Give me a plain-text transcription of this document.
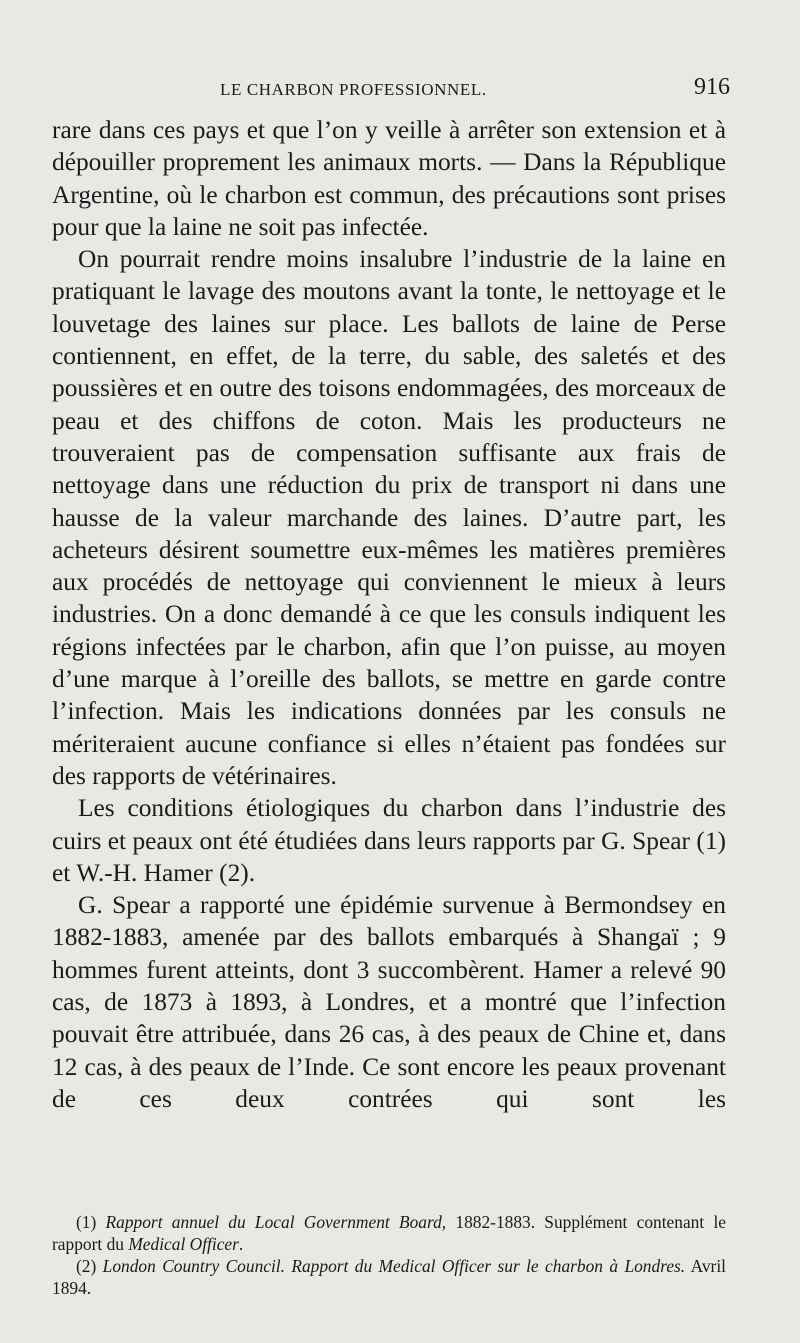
LE CHARBON PROFESSIONNEL.	916

rare dans ces pays et que l’on y veille à arrêter son extension et à dépouiller proprement les animaux morts. — Dans la République Argentine, où le charbon est commun, des précautions sont prises pour que la laine ne soit pas infectée.

On pourrait rendre moins insalubre l’industrie de la laine en pratiquant le lavage des moutons avant la tonte, le nettoyage et le louvetage des laines sur place. Les ballots de laine de Perse contiennent, en effet, de la terre, du sable, des saletés et des poussières et en outre des toisons endommagées, des morceaux de peau et des chiffons de coton. Mais les producteurs ne trouveraient pas de compensation suffisante aux frais de nettoyage dans une réduction du prix de transport ni dans une hausse de la valeur marchande des laines. D’autre part, les acheteurs désirent soumettre eux-mêmes les matières premières aux procédés de nettoyage qui conviennent le mieux à leurs industries. On a donc demandé à ce que les consuls indiquent les régions infectées par le charbon, afin que l’on puisse, au moyen d’une marque à l’oreille des ballots, se mettre en garde contre l’infection. Mais les indications données par les consuls ne mériteraient aucune confiance si elles n’étaient pas fondées sur des rapports de vétérinaires.

Les conditions étiologiques du charbon dans l’industrie des cuirs et peaux ont été étudiées dans leurs rapports par G. Spear (1) et W.-H. Hamer (2).

G. Spear a rapporté une épidémie survenue à Bermondsey en 1882-1883, amenée par des ballots embarqués à Shangaï ; 9 hommes furent atteints, dont 3 succombèrent. Hamer a relevé 90 cas, de 1873 à 1893, à Londres, et a montré que l’infection pouvait être attribuée, dans 26 cas, à des peaux de Chine et, dans 12 cas, à des peaux de l’Inde. Ce sont encore les peaux provenant de ces deux contrées qui sont les

(1) Rapport annuel du Local Government Board, 1882-1883. Supplément contenant le rapport du Medical Officer.

(2) London Country Council. Rapport du Medical Officer sur le charbon à Londres. Avril 1894.
